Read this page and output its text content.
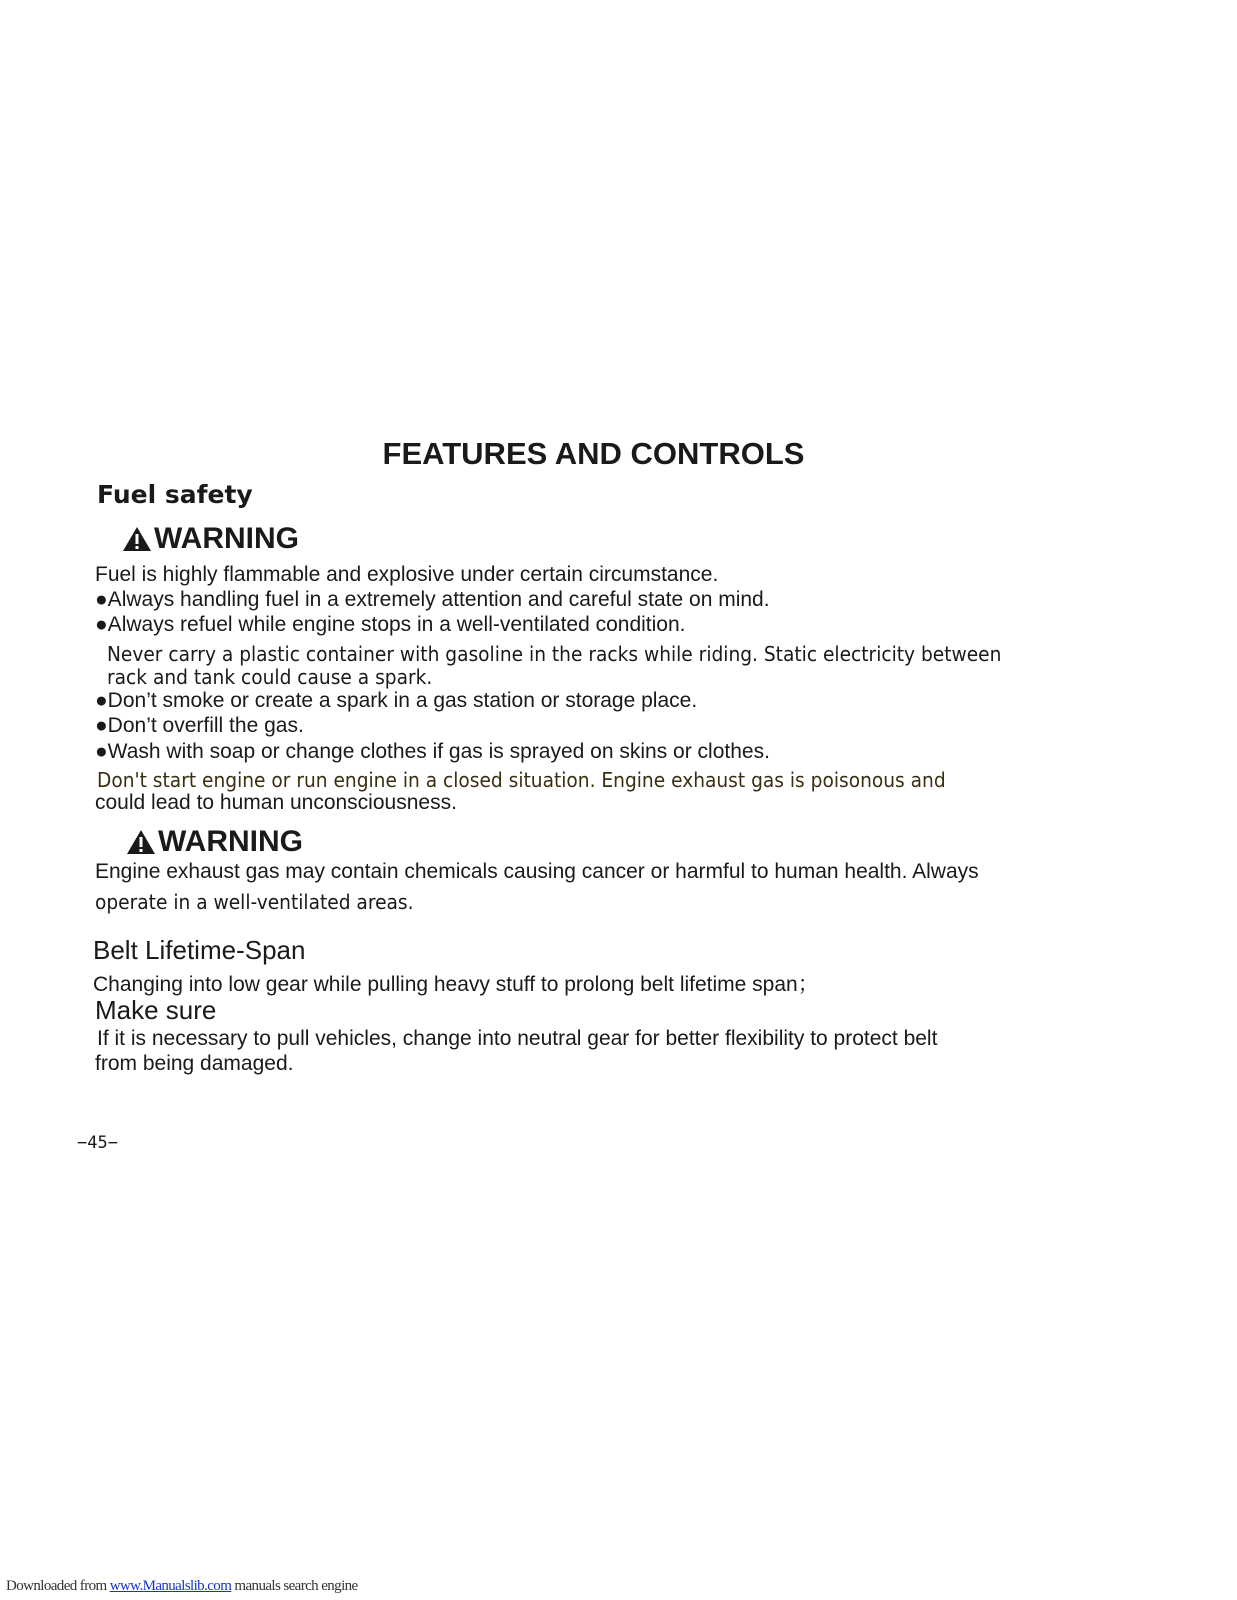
FEATURES AND CONTROLS
Fuel safety
WARNING
Fuel is highly flammable and explosive under certain circumstance.
●Always handling fuel in a extremely attention and careful state on mind.
●Always refuel while engine stops in a well-ventilated condition.
Never carry a plastic container with gasoline in the racks while riding. Static electricity between
rack and tank could cause a spark.
●Don’t smoke or create a spark in a gas station or storage place.
●Don’t overfill the gas.
●Wash with soap or change clothes if gas is sprayed on skins or clothes.
Don't start engine or run engine in a closed situation. Engine exhaust gas is poisonous and
could lead to human unconsciousness.
WARNING
Engine exhaust gas may contain chemicals causing cancer or harmful to human health. Always
operate in a well-ventilated areas.
Belt Lifetime-Span
Changing into low gear while pulling heavy stuff to prolong belt lifetime span；
Make sure
If it is necessary to pull vehicles, change into neutral gear for better flexibility to protect belt
from being damaged.
−45−
Downloaded from www.Manualslib.com manuals search engine
